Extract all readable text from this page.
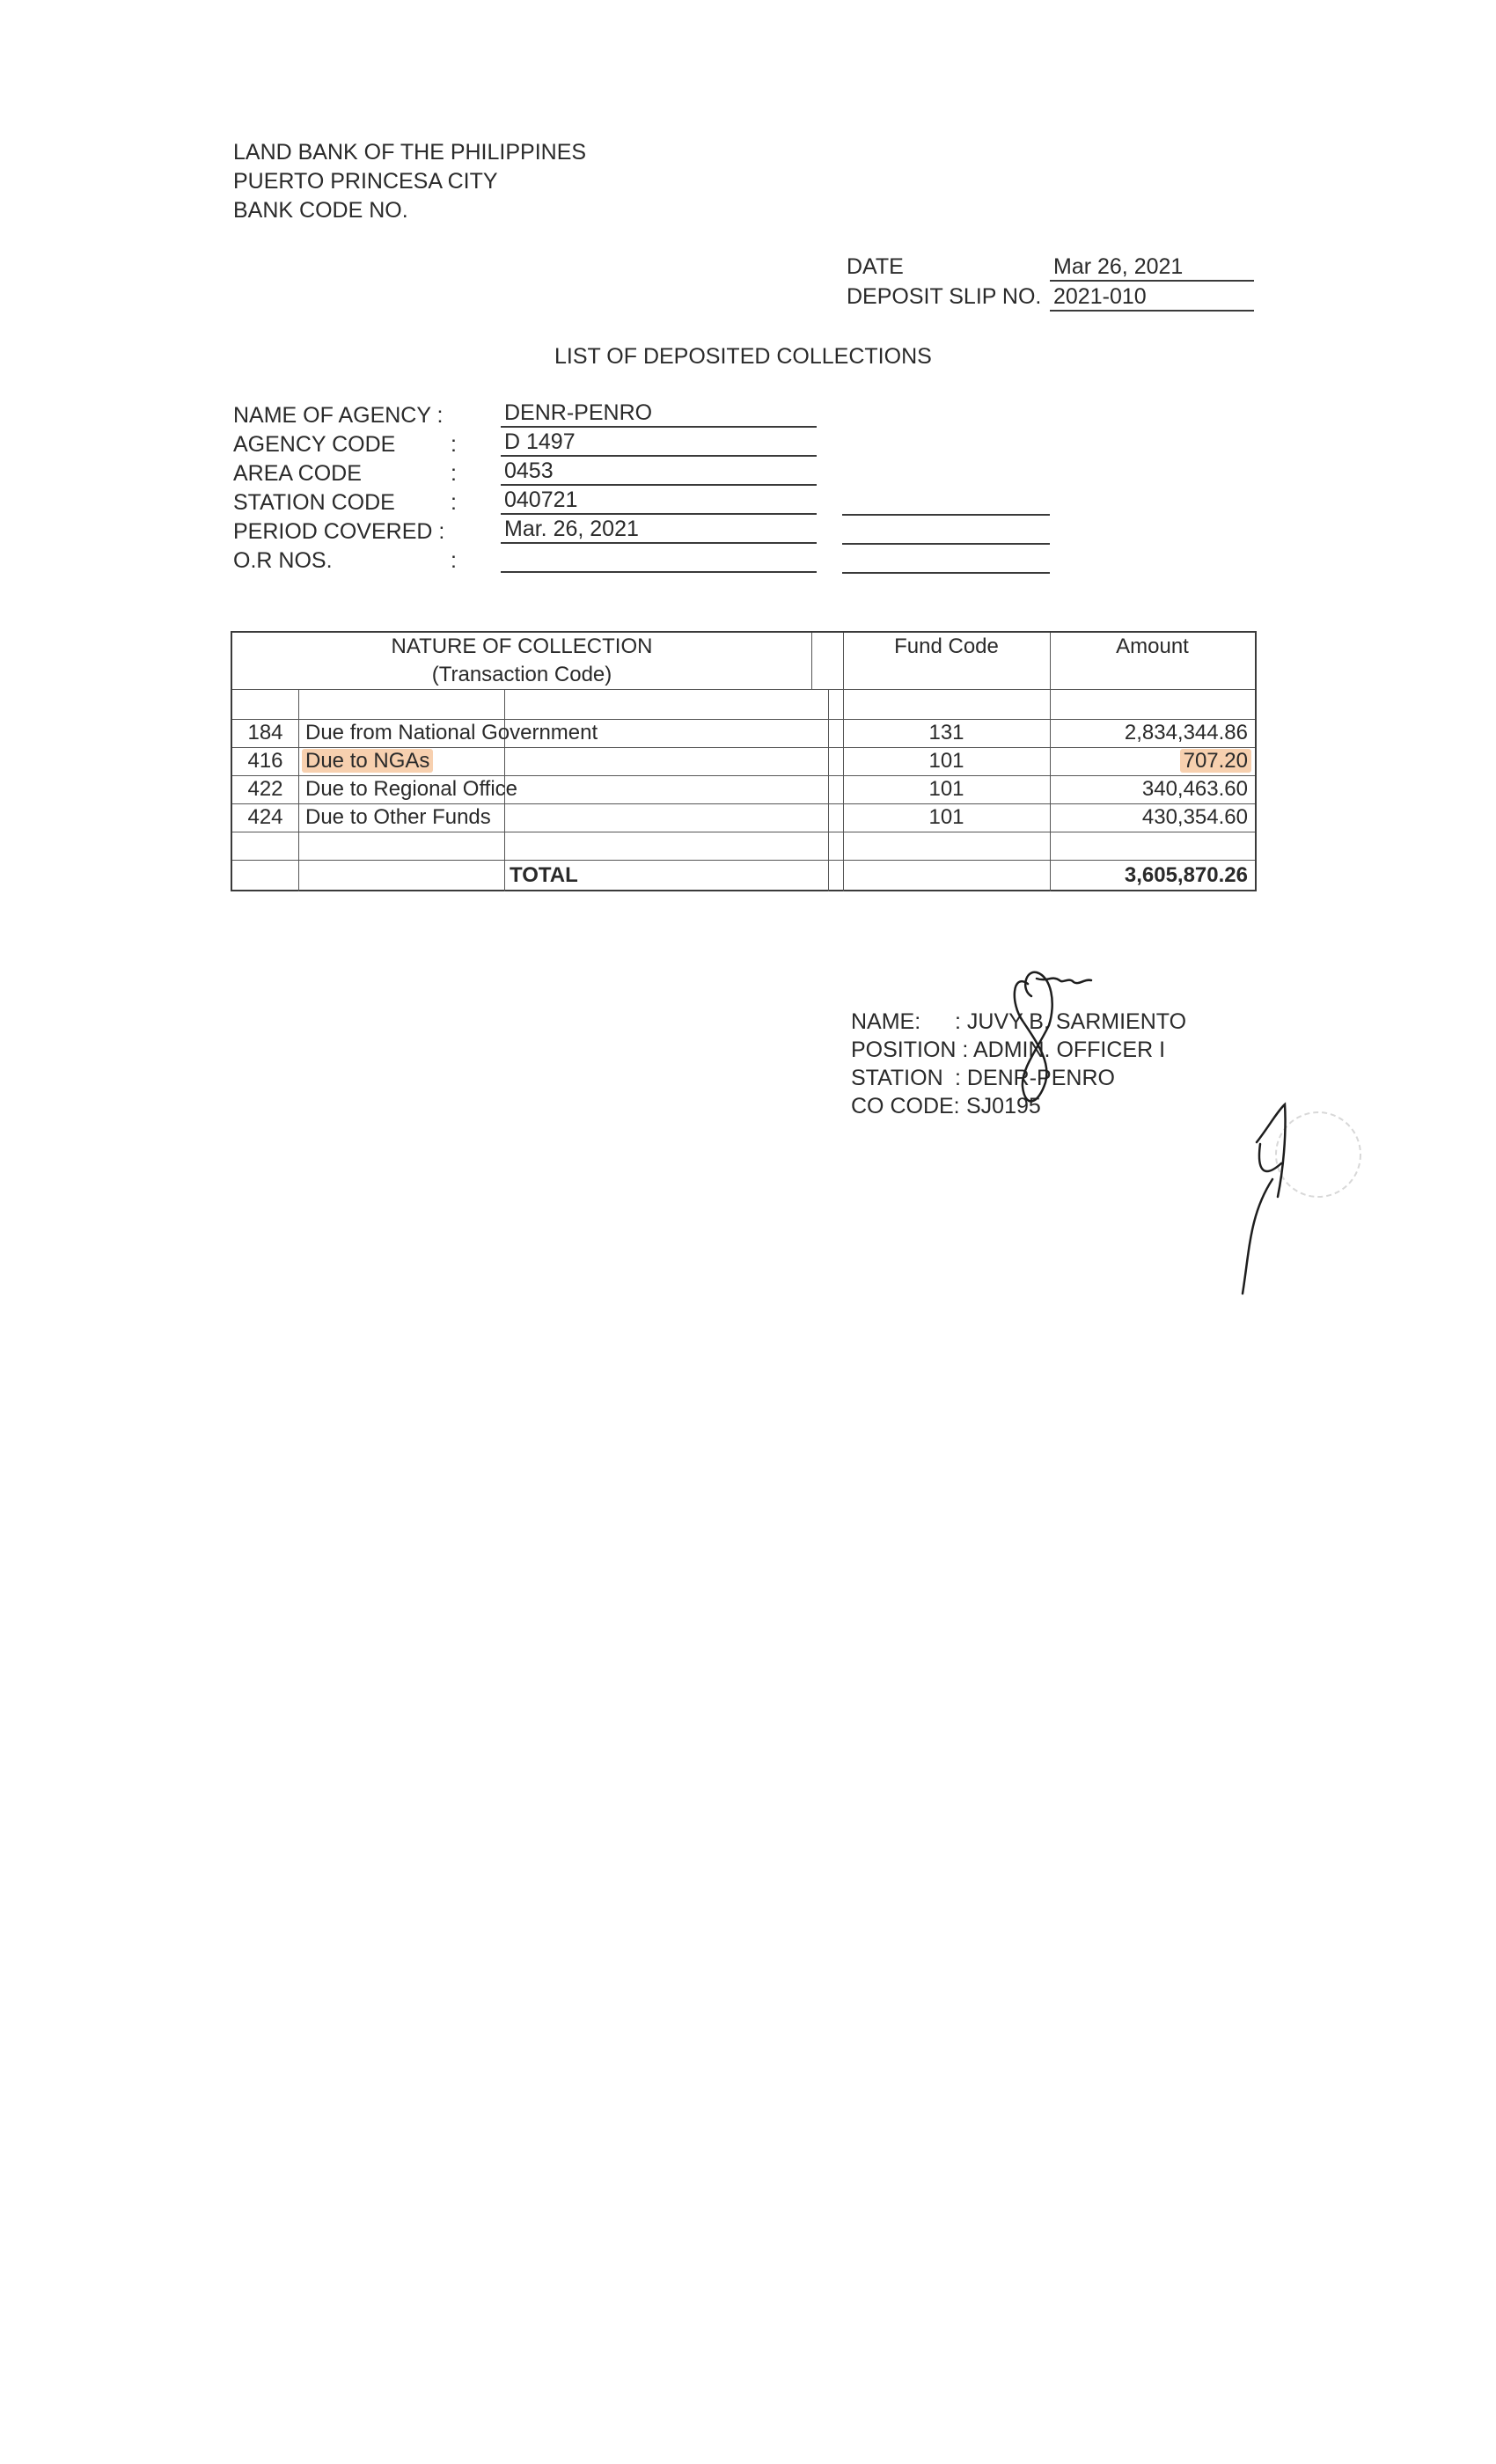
LAND BANK OF THE PHILIPPINES
PUERTO PRINCESA CITY
BANK CODE NO.
DATE	Mar 26, 2021
DEPOSIT SLIP NO. 2021-010
LIST OF DEPOSITED COLLECTIONS
NAME OF AGENCY :	DENR-PENRO
AGENCY CODE	: D 1497
AREA CODE	: 0453
STATION CODE	: 040721
PERIOD COVERED :	Mar. 26, 2021
O.R NOS.	:
NATURE OF COLLECTION
(Transaction Code)
Fund Code	Amount
184	Due from National Government	131	2,834,344.86
416	Due to NGAs	101	707.20
422	Due to Regional Office	101	340,463.60
424	Due to Other Funds	101	430,354.60
TOTAL	3,605,870.26
NAME: : JUVY B. SARMIENTO
POSITION : ADMIN. OFFICER I
STATION : DENR-PENRO
CO CODE: SJ0195
